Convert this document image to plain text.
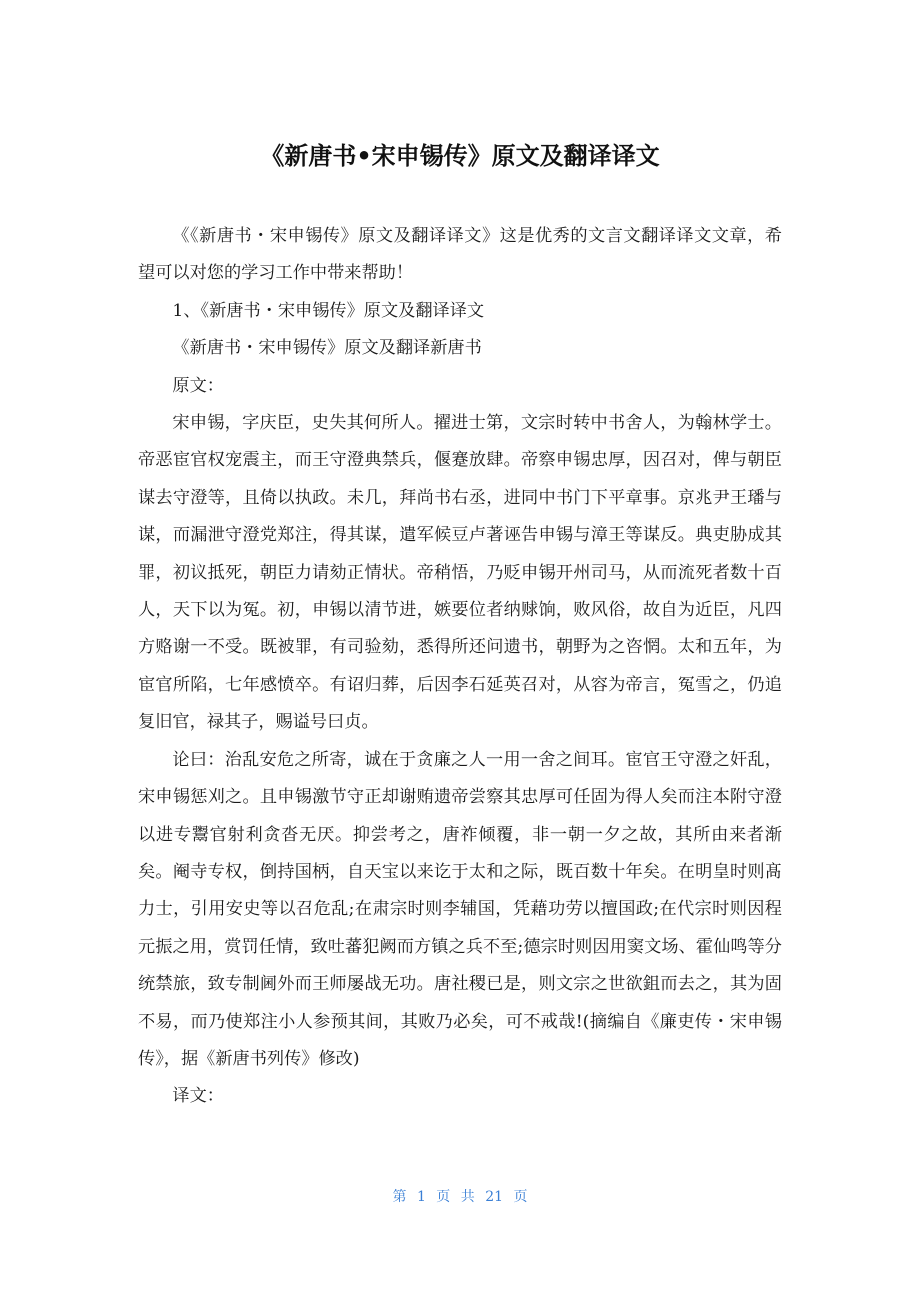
《新唐书•宋申锡传》原文及翻译译文

《《新唐书・宋申锡传》原文及翻译译文》这是优秀的文言文翻译译文文章，希望可以对您的学习工作中带来帮助！

1、《新唐书・宋申锡传》原文及翻译译文

《新唐书・宋申锡传》原文及翻译新唐书

原文：

宋申锡，字庆臣，史失其何所人。擢进士第，文宗时转中书舍人，为翰林学士。帝恶宦官权宠震主，而王守澄典禁兵，偃蹇放肆。帝察申锡忠厚，因召对，俾与朝臣谋去守澄等，且倚以执政。未几，拜尚书右丞，进同中书门下平章事。京兆尹王璠与谋，而漏泄守澄党郑注，得其谋，遣军候豆卢著诬告申锡与漳王等谋反。典吏胁成其罪，初议抵死，朝臣力请劾正情状。帝稍悟，乃贬申锡开州司马，从而流死者数十百人，天下以为冤。初，申锡以清节进，嫉要位者纳赇饷，败风俗，故自为近臣，凡四方赂谢一不受。既被罪，有司验劾，悉得所还问遗书，朝野为之咨惘。太和五年，为宦官所陷，七年感愤卒。有诏归葬，后因李石延英召对，从容为帝言，冤雪之，仍追复旧官，禄其子，赐谥号曰贞。

论曰：治乱安危之所寄，诚在于贪廉之人一用一舍之间耳。宦官王守澄之奸乱，宋申锡惩刈之。且申锡激节守正却谢贿遗帝尝察其忠厚可任固为得人矣而注本附守澄以进专鬻官射利贪沓无厌。抑尝考之，唐祚倾覆，非一朝一夕之故，其所由来者渐矣。阉寺专权，倒持国柄，自天宝以来讫于太和之际，既百数十年矣。在明皇时则髙力士，引用安史等以召危乱;在肃宗时则李辅国，凭藉功劳以擅国政;在代宗时则因程元振之用，赏罚任情，致吐蕃犯阙而方镇之兵不至;德宗时则因用窦文场、霍仙鸣等分统禁旅，致专制阃外而王师屡战无功。唐社稷已是，则文宗之世欲鉏而去之，其为固不易，而乃使郑注小人参预其间，其败乃必矣，可不戒哉!(摘编自《廉吏传・宋申锡传》，据《新唐书列传》修改)

译文：

第 1 页 共 21 页
